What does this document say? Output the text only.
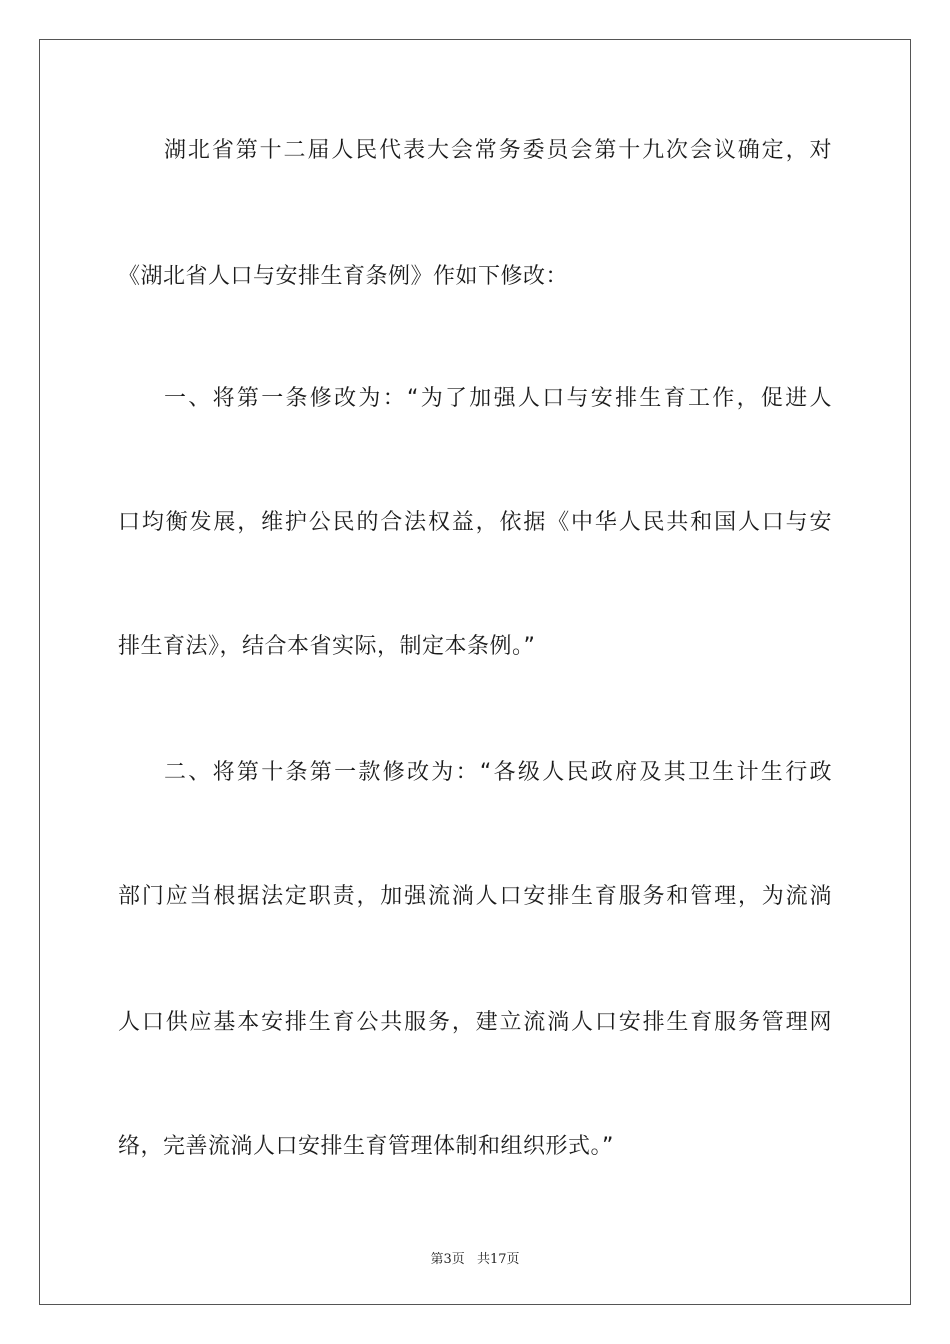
湖北省第十二届人民代表大会常务委员会第十九次会议确定，对
《湖北省人口与安排生育条例》作如下修改：
一、将第一条修改为：“为了加强人口与安排生育工作，促进人
口均衡发展，维护公民的合法权益，依据《中华人民共和国人口与安
排生育法》，结合本省实际，制定本条例。”
二、将第十条第一款修改为：“各级人民政府及其卫生计生行政
部门应当根据法定职责，加强流淌人口安排生育服务和管理，为流淌
人口供应基本安排生育公共服务，建立流淌人口安排生育服务管理网
络，完善流淌人口安排生育管理体制和组织形式。”
第3页 共17页
